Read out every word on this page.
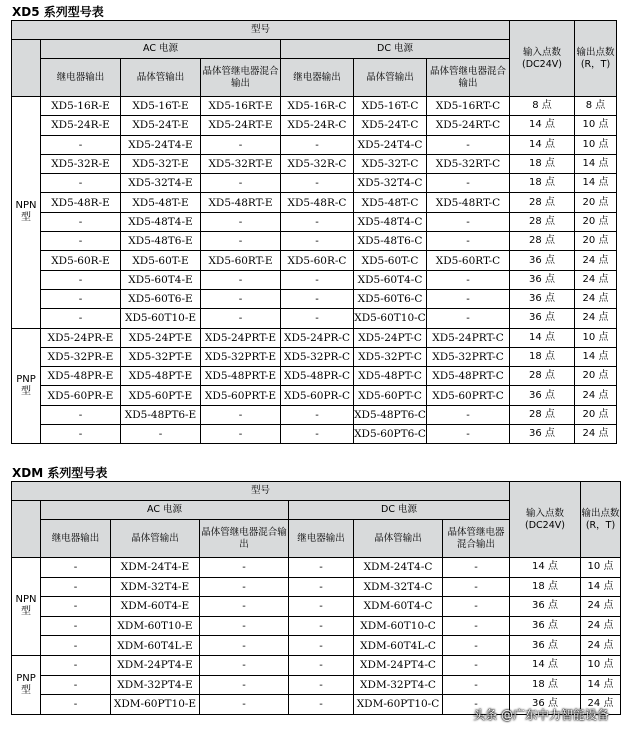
XD5 系列型号表
型号							输入点数 (DC24V)	输出点数 (R，T)
	AC 电源			DC 电源				
	继电器输出	晶体管输出	晶体管继电器混合输出	继电器输出	晶体管输出	晶体管继电器混合输出		
NPN 型	XD5-16R-E	XD5-16T-E	XD5-16RT-E	XD5-16R-C	XD5-16T-C	XD5-16RT-C	8 点	8 点
	XD5-24R-E	XD5-24T-E	XD5-24RT-E	XD5-24R-C	XD5-24T-C	XD5-24RT-C	14 点	10 点
	-	XD5-24T4-E	-	-	XD5-24T4-C	-	14 点	10 点
	XD5-32R-E	XD5-32T-E	XD5-32RT-E	XD5-32R-C	XD5-32T-C	XD5-32RT-C	18 点	14 点
	-	XD5-32T4-E	-	-	XD5-32T4-C	-	18 点	14 点
	XD5-48R-E	XD5-48T-E	XD5-48RT-E	XD5-48R-C	XD5-48T-C	XD5-48RT-C	28 点	20 点
	-	XD5-48T4-E	-	-	XD5-48T4-C	-	28 点	20 点
	-	XD5-48T6-E	-	-	XD5-48T6-C	-	28 点	20 点
	XD5-60R-E	XD5-60T-E	XD5-60RT-E	XD5-60R-C	XD5-60T-C	XD5-60RT-C	36 点	24 点
	-	XD5-60T4-E	-	-	XD5-60T4-C	-	36 点	24 点
	-	XD5-60T6-E	-	-	XD5-60T6-C	-	36 点	24 点
	-	XD5-60T10-E	-	-	XD5-60T10-C	-	36 点	24 点
PNP 型	XD5-24PR-E	XD5-24PT-E	XD5-24PRT-E	XD5-24PR-C	XD5-24PT-C	XD5-24PRT-C	14 点	10 点
	XD5-32PR-E	XD5-32PT-E	XD5-32PRT-E	XD5-32PR-C	XD5-32PT-C	XD5-32PRT-C	18 点	14 点
	XD5-48PR-E	XD5-48PT-E	XD5-48PRT-E	XD5-48PR-C	XD5-48PT-C	XD5-48PRT-C	28 点	20 点
	XD5-60PR-E	XD5-60PT-E	XD5-60PRT-E	XD5-60PR-C	XD5-60PT-C	XD5-60PRT-C	36 点	24 点
	-	XD5-48PT6-E	-	-	XD5-48PT6-C	-	28 点	20 点
	-	-	-	-	XD5-60PT6-C	-	36 点	24 点
XDM 系列型号表
型号							输入点数 (DC24V)	输出点数 (R，T)
	AC 电源			DC 电源				
	继电器输出	晶体管输出	晶体管继电器混合输出	继电器输出	晶体管输出	晶体管继电器混合输出		
NPN 型	-	XDM-24T4-E	-	-	XDM-24T4-C	-	14 点	10 点
	-	XDM-32T4-E	-	-	XDM-32T4-C	-	18 点	14 点
	-	XDM-60T4-E	-	-	XDM-60T4-C	-	36 点	24 点
	-	XDM-60T10-E	-	-	XDM-60T10-C	-	36 点	24 点
	-	XDM-60T4L-E	-	-	XDM-60T4L-C	-	36 点	24 点
PNP 型	-	XDM-24PT4-E	-	-	XDM-24PT4-C	-	14 点	10 点
	-	XDM-32PT4-E	-	-	XDM-32PT4-C	-	18 点	14 点
	-	XDM-60PT10-E	-	-	XDM-60PT10-C	-	36 点	24 点
头条 @广东中力智能设备
